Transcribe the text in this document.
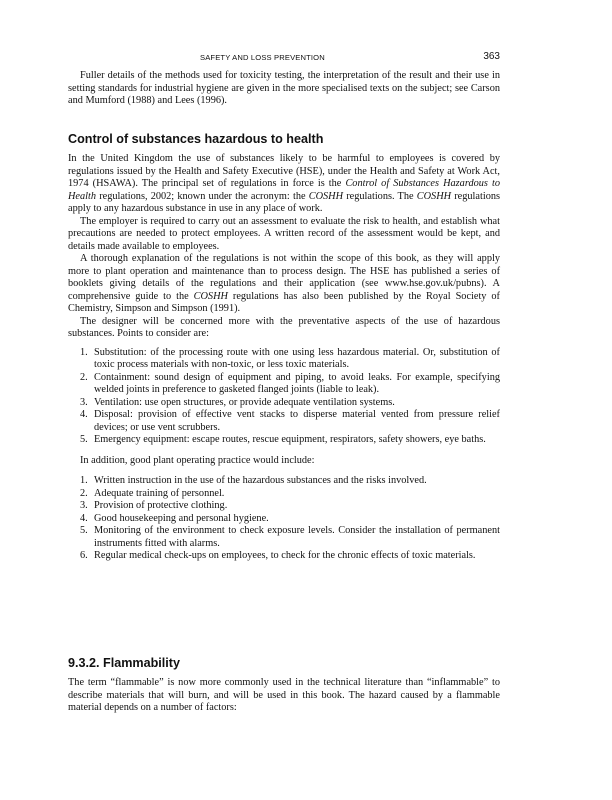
SAFETY AND LOSS PREVENTION	363

Fuller details of the methods used for toxicity testing, the interpretation of the result and their use in setting standards for industrial hygiene are given in the more specialised texts on the subject; see Carson and Mumford (1988) and Lees (1996).

Control of substances hazardous to health

In the United Kingdom the use of substances likely to be harmful to employees is covered by regulations issued by the Health and Safety Executive (HSE), under the Health and Safety at Work Act, 1974 (HSAWA). The principal set of regulations in force is the Control of Substances Hazardous to Health regulations, 2002; known under the acronym: the COSHH regulations. The COSHH regulations apply to any hazardous substance in use in any place of work.

The employer is required to carry out an assessment to evaluate the risk to health, and establish what precautions are needed to protect employees. A written record of the assessment would be kept, and details made available to employees.

A thorough explanation of the regulations is not within the scope of this book, as they will apply more to plant operation and maintenance than to process design. The HSE has published a series of booklets giving details of the regulations and their application (see www.hse.gov.uk/pubns). A comprehensive guide to the COSHH regulations has also been published by the Royal Society of Chemistry, Simpson and Simpson (1991).

The designer will be concerned more with the preventative aspects of the use of hazardous substances. Points to consider are:

1. Substitution: of the processing route with one using less hazardous material. Or, substitution of toxic process materials with non-toxic, or less toxic materials.
2. Containment: sound design of equipment and piping, to avoid leaks. For example, specifying welded joints in preference to gasketed flanged joints (liable to leak).
3. Ventilation: use open structures, or provide adequate ventilation systems.
4. Disposal: provision of effective vent stacks to disperse material vented from pressure relief devices; or use vent scrubbers.
5. Emergency equipment: escape routes, rescue equipment, respirators, safety showers, eye baths.

In addition, good plant operating practice would include:

1. Written instruction in the use of the hazardous substances and the risks involved.
2. Adequate training of personnel.
3. Provision of protective clothing.
4. Good housekeeping and personal hygiene.
5. Monitoring of the environment to check exposure levels. Consider the installation of permanent instruments fitted with alarms.
6. Regular medical check-ups on employees, to check for the chronic effects of toxic materials.
9.3.2. Flammability

The term “flammable” is now more commonly used in the technical literature than “inflammable” to describe materials that will burn, and will be used in this book. The hazard caused by a flammable material depends on a number of factors:
